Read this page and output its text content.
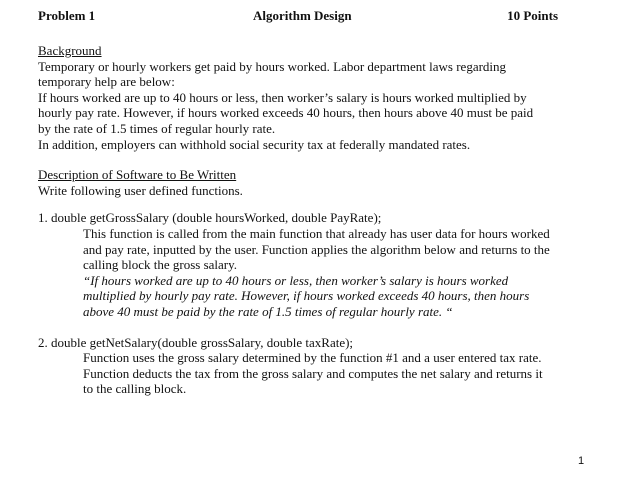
Problem 1	Algorithm Design	10 Points

Background

Temporary or hourly workers get paid by hours worked. Labor department laws regarding

temporary help are below:

If hours worked are up to 40 hours or less, then worker’s salary is hours worked multiplied by

hourly pay rate. However, if hours worked exceeds 40 hours, then hours above 40 must be paid

by the rate of 1.5 times of regular hourly rate.

In addition, employers can withhold social security tax at federally mandated rates.

Description of Software to Be Written

Write following user defined functions.

1. double getGrossSalary (double hoursWorked, double PayRate);

This function is called from the main function that already has user data for hours worked

and pay rate, inputted by the user. Function applies the algorithm below and returns to the

calling block the gross salary.

“If hours worked are up to 40 hours or less, then worker’s salary is hours worked

multiplied by hourly pay rate. However, if hours worked exceeds 40 hours, then hours

above 40 must be paid by the rate of 1.5 times of regular hourly rate. “

2. double getNetSalary(double grossSalary, double taxRate);

Function uses the gross salary determined by the function #1 and a user entered tax rate.

Function deducts the tax from the gross salary and computes the net salary and returns it

to the calling block.

1
